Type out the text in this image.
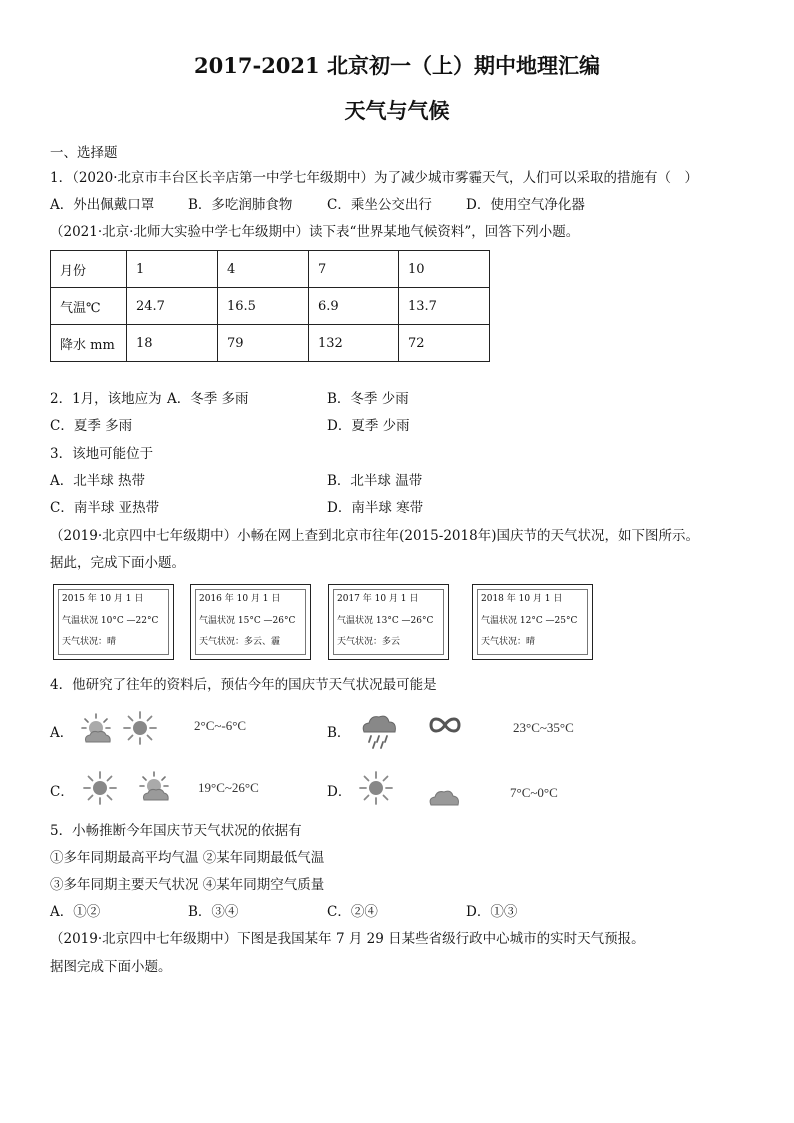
2017-2021 北京初一（上）期中地理汇编
天气与气候
一、选择题
1．（2020·北京市丰台区长辛店第一中学七年级期中）为了减少城市雾霾天气，人们可以采取的措施有（　）
A．外出佩戴口罩	B．多吃润肺食物	C．乘坐公交出行	D．使用空气净化器
（2021·北京·北师大实验中学七年级期中）读下表“世界某地气候资料”，回答下列小题。
月份	1	4	7	10
气温℃	24.7	16.5	6.9	13.7
降水 mm	18	79	132	72
2．1月，该地应为 A．冬季 多雨	B．冬季 少雨
C．夏季 多雨	D．夏季 少雨
3．该地可能位于
A．北半球 热带	B．北半球 温带
C．南半球 亚热带	D．南半球 寒带
（2019·北京四中七年级期中）小畅在网上查到北京市往年(2015-2018年)国庆节的天气状况，如下图所示。
据此，完成下面小题。
2015 年 10 月 1 日
气温状况 10°C —22°C
天气状况：晴
2016 年 10 月 1 日
气温状况 15°C —26°C
天气状况：多云、霾
2017 年 10 月 1 日
气温状况 13°C —26°C
天气状况：多云
2018 年 10 月 1 日
气温状况 12°C —25°C
天气状况：晴
4．他研究了往年的资料后，预估今年的国庆节天气状况最可能是
A．	2°C~-6°C	B．	23°C~35°C
C．	19°C~26°C	D．	7°C~0°C
5．小畅推断今年国庆节天气状况的依据有
①多年同期最高平均气温 ②某年同期最低气温
③多年同期主要天气状况 ④某年同期空气质量
A．①②	B．③④	C．②④	D．①③
（2019·北京四中七年级期中）下图是我国某年 7 月 29 日某些省级行政中心城市的实时天气预报。
据图完成下面小题。
